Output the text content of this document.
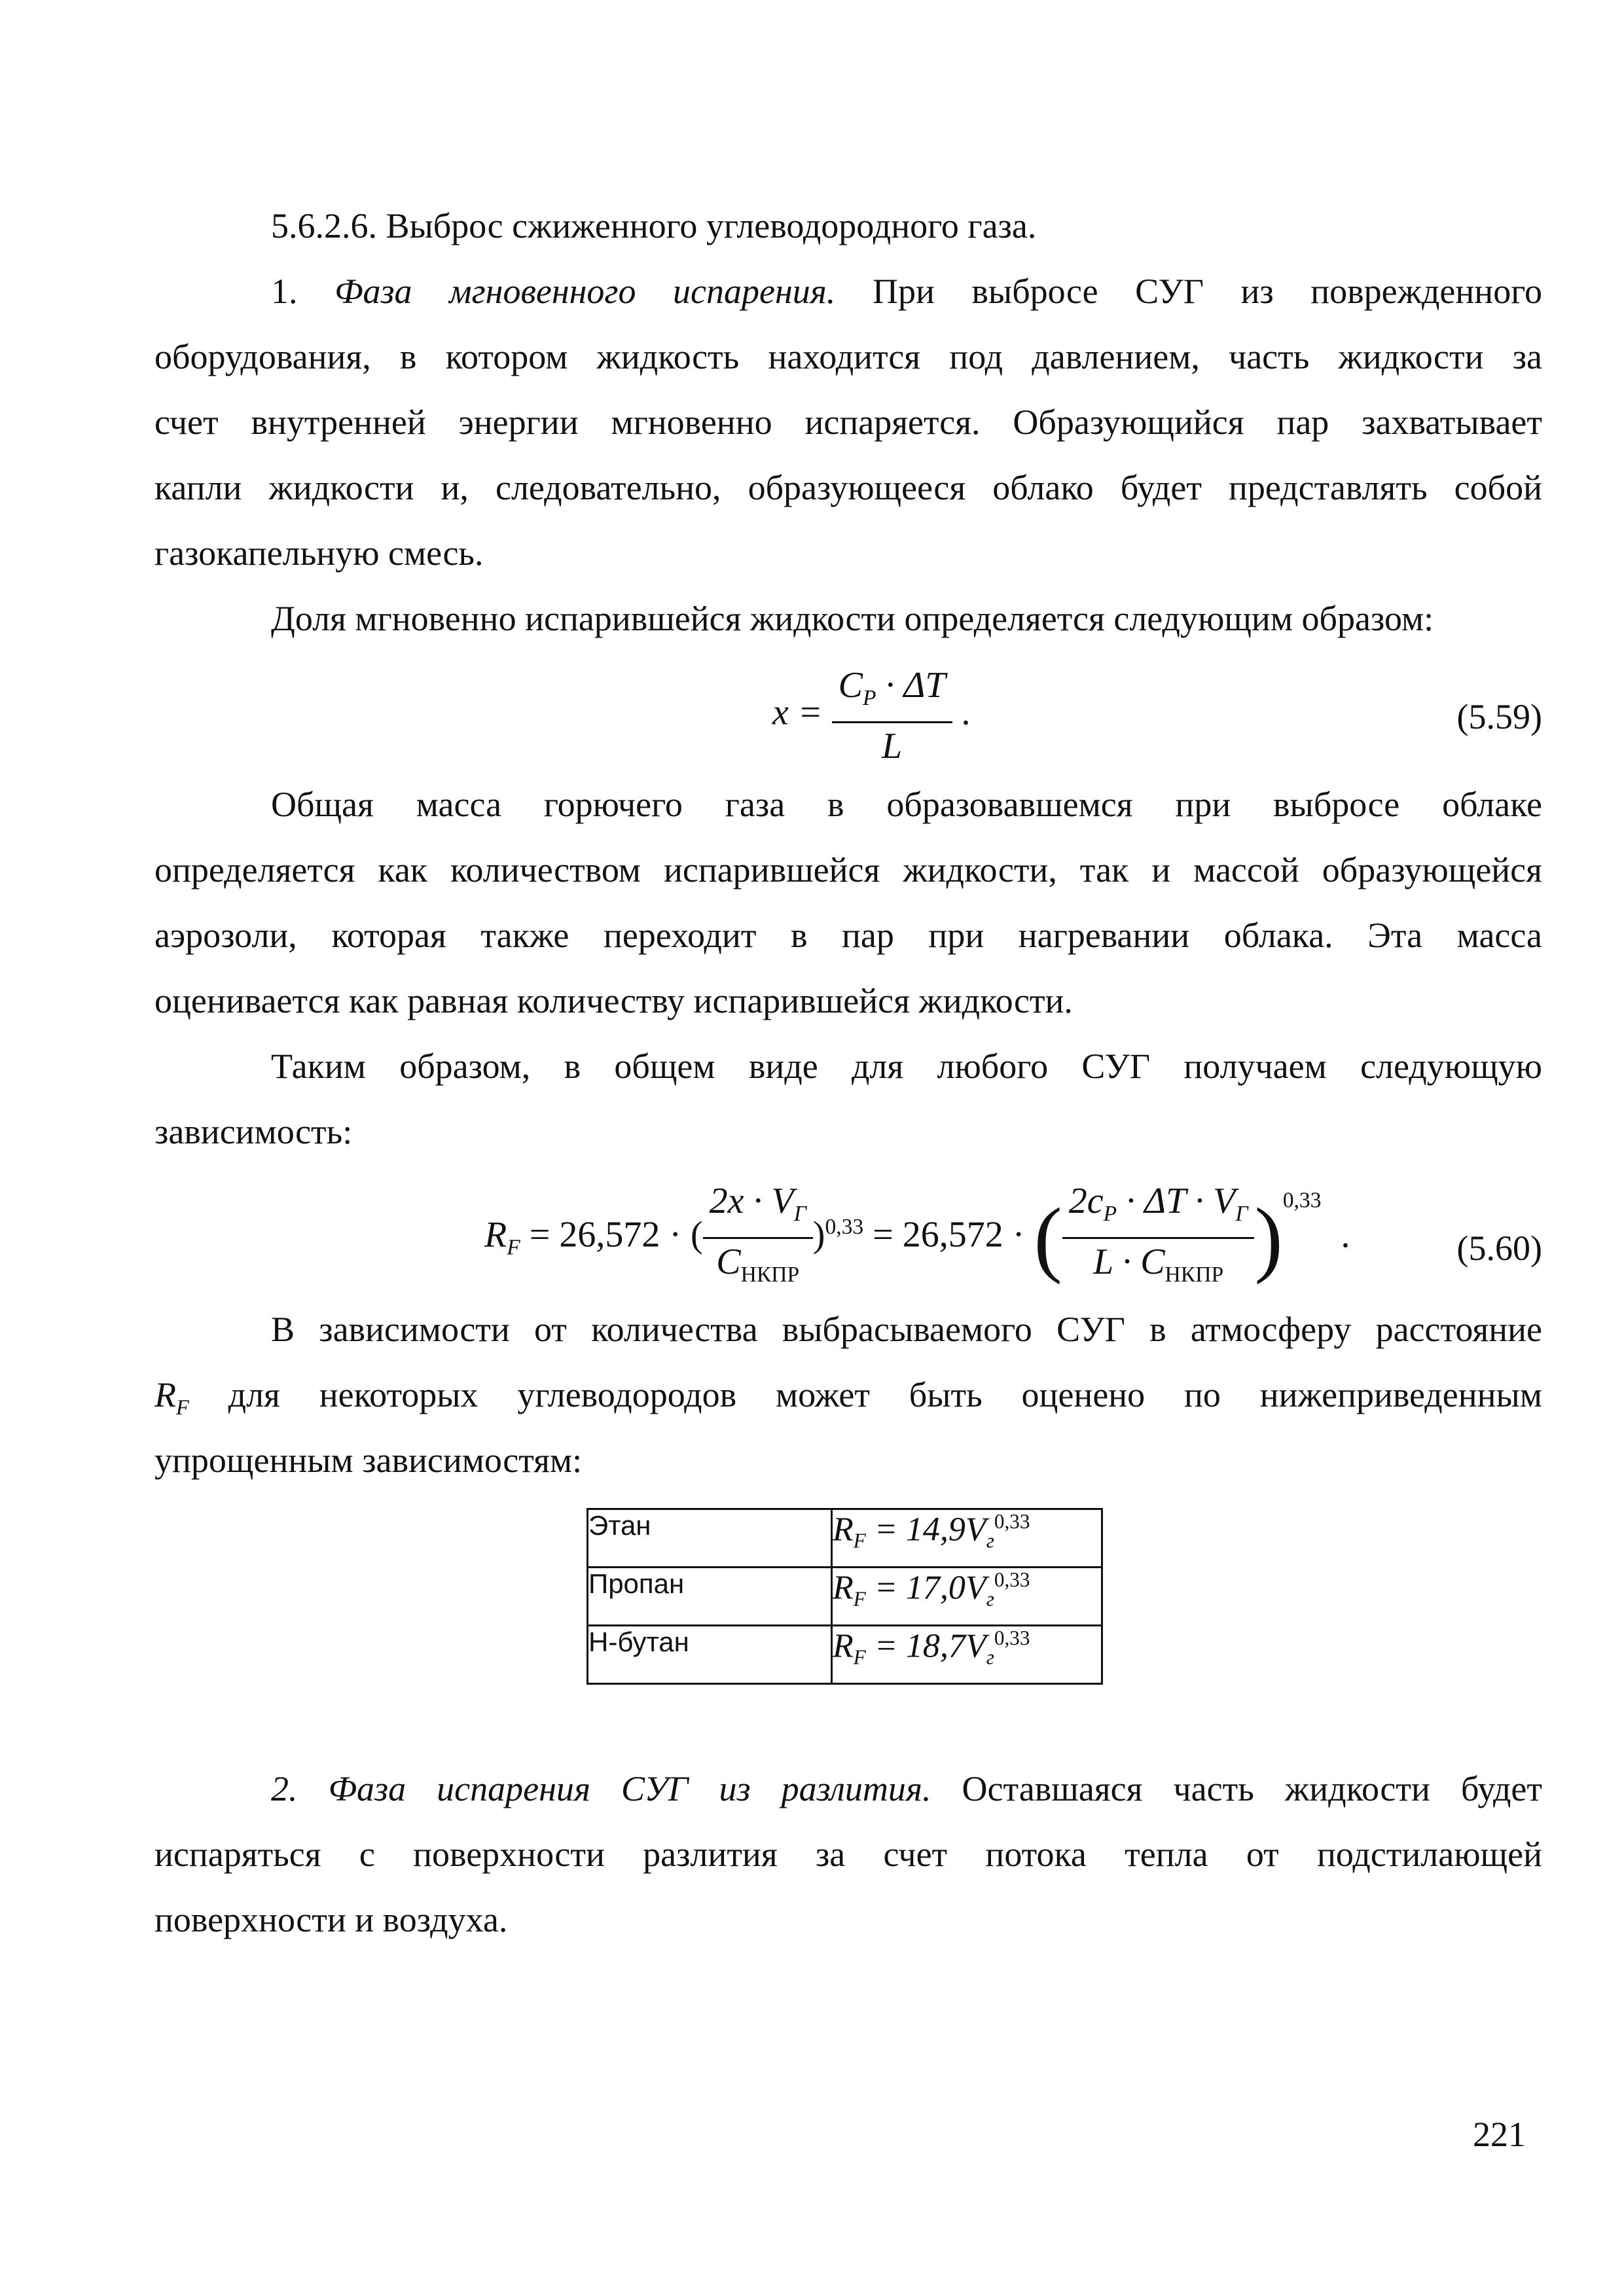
5.6.2.6. Выброс сжиженного углеводородного газа.
1. Фаза мгновенного испарения. При выбросе СУГ из поврежденного
оборудования, в котором жидкость находится под давлением, часть жидкости за
счет внутренней энергии мгновенно испаряется. Образующийся пар захватывает
капли жидкости и, следовательно, образующееся облако будет представлять собой
газокапельную смесь.
Доля мгновенно испарившейся жидкости определяется следующим образом:
$x = \frac{C_P \cdot \Delta T}{L}$ .	(5.59)
Общая масса горючего газа в образовавшемся при выбросе облаке
определяется как количеством испарившейся жидкости, так и массой образующейся
аэрозоли, которая также переходит в пар при нагревании облака. Эта масса
оценивается как равная количеству испарившейся жидкости.
Таким образом, в общем виде для любого СУГ получаем следующую
зависимость:
$R_F = 26,572$ · ( $\frac{2x \cdot V_Г}{C_{НКПР}} )^{0,33} = 26,572$ · ( $\frac{2c_P \cdot \Delta T \cdot V_Г}{L \cdot C_{НКПР}} )^{0,33}$.	(5.60)
В зависимости от количества выбрасываемого СУГ в атмосферу расстояние
$R_F$ для некоторых углеводородов может быть оценено по нижеприведенным
упрощенным зависимостям:
Этан	$R_F = 14,9V_г^{0,33}$
Пропан	$R_F = 17,0V_г^{0,33}$
Н-бутан	$R_F = 18,7V_г^{0,33}$
2. Фаза испарения СУГ из разлития. Оставшаяся часть жидкости будет
испаряться с поверхности разлития за счет потока тепла от подстилающей
поверхности и воздуха.
221
